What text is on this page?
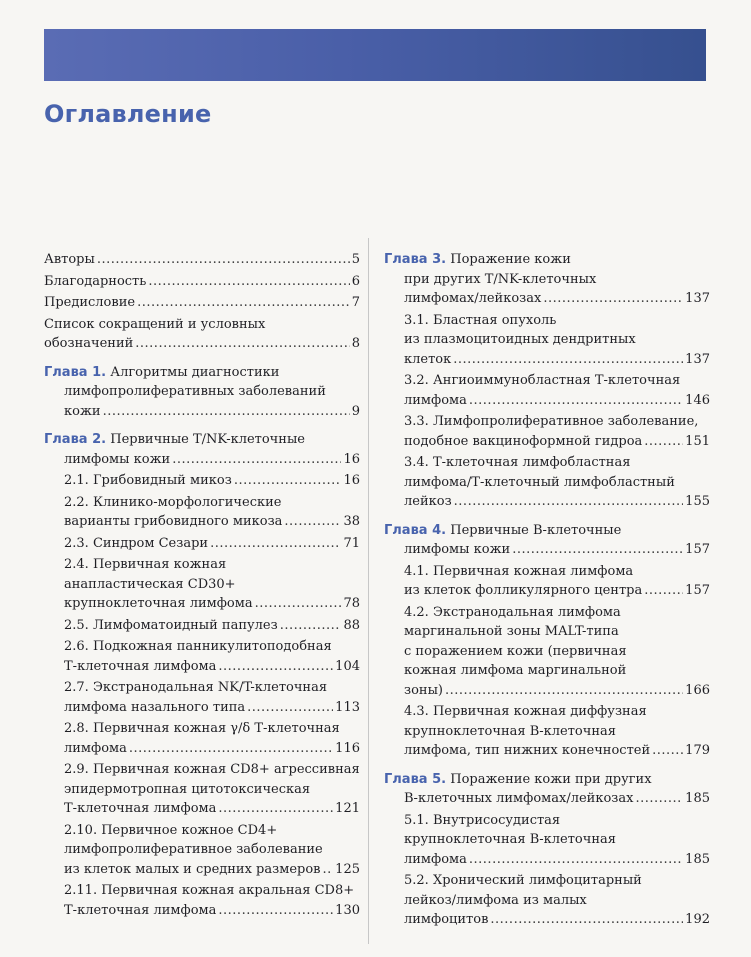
Оглавление
Авторы .....	5
Благодарность .....	6
Предисловие .....	7
Список сокращений и условных
обозначений .....	8
Глава 1. Алгоритмы диагностики
лимфопролиферативных заболеваний
кожи .....	9
Глава 2. Первичные Т/NK-клеточные
лимфомы кожи .....	16
2.1. Грибовидный микоз .....	16
2.2. Клинико-морфологические
варианты грибовидного микоза .....	38
2.3. Синдром Сезари .....	71
2.4. Первичная кожная
анапластическая CD30+
крупноклеточная лимфома .....	78
2.5. Лимфоматоидный папулез .....	88
2.6. Подкожная панникулитоподобная
Т-клеточная лимфома .....	104
2.7. Экстранодальная NK/T-клеточная
лимфома назального типа .....	113
2.8. Первичная кожная γ/δ Т-клеточная
лимфома .....	116
2.9. Первичная кожная CD8+ агрессивная
эпидермотропная цитотоксическая
Т-клеточная лимфома .....	121
2.10. Первичное кожное CD4+
лимфопролиферативное заболевание
из клеток малых и средних размеров ..... 125
2.11. Первичная кожная акральная CD8+
Т-клеточная лимфома .....	130
Глава 3. Поражение кожи
при других T/NK-клеточных
лимфомах/лейкозах .....	137
3.1. Бластная опухоль
из плазмоцитоидных дендритных
клеток .....	137
3.2. Ангиоиммунобластная Т-клеточная
лимфома .....	146
3.3. Лимфопролиферативное заболевание,
подобное вакциноформной гидроа .....	151
3.4. Т-клеточная лимфобластная
лимфома/Т-клеточный лимфобластный
лейкоз .....	155
Глава 4. Первичные В-клеточные
лимфомы кожи .....	157
4.1. Первичная кожная лимфома
из клеток фолликулярного центра .....	157
4.2. Экстранодальная лимфома
маргинальной зоны MALT-типа
с поражением кожи (первичная
кожная лимфома маргинальной
зоны) .....	166
4.3. Первичная кожная диффузная
крупноклеточная В-клеточная
лимфома, тип нижних конечностей .....	179
Глава 5. Поражение кожи при других
В-клеточных лимфомах/лейкозах .....	185
5.1. Внутрисосудистая
крупноклеточная В-клеточная
лимфома .....	185
5.2. Хронический лимфоцитарный
лейкоз/лимфома из малых
лимфоцитов .....	192
